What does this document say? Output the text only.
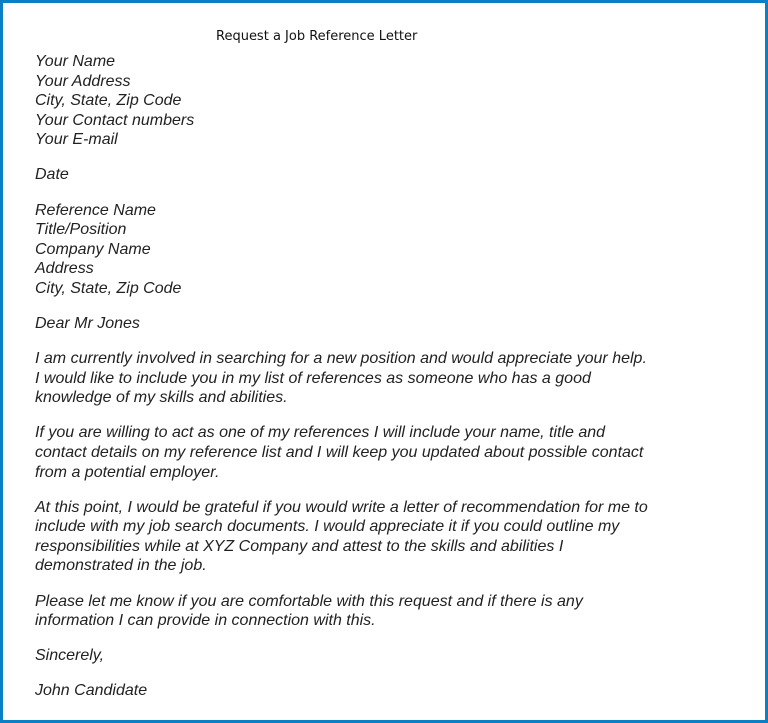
Request a Job Reference Letter
Your Name
Your Address
City, State, Zip Code
Your Contact numbers
Your E-mail
Date
Reference Name
Title/Position
Company Name
Address
City, State, Zip Code
Dear Mr Jones
I am currently involved in searching for a new position and would appreciate your help.
I would like to include you in my list of references as someone who has a good
knowledge of my skills and abilities.
If you are willing to act as one of my references I will include your name, title and
contact details on my reference list and I will keep you updated about possible contact
from a potential employer.
At this point, I would be grateful if you would write a letter of recommendation for me to
include with my job search documents. I would appreciate it if you could outline my
responsibilities while at XYZ Company and attest to the skills and abilities I
demonstrated in the job.
Please let me know if you are comfortable with this request and if there is any
information I can provide in connection with this.
Sincerely,
John Candidate
